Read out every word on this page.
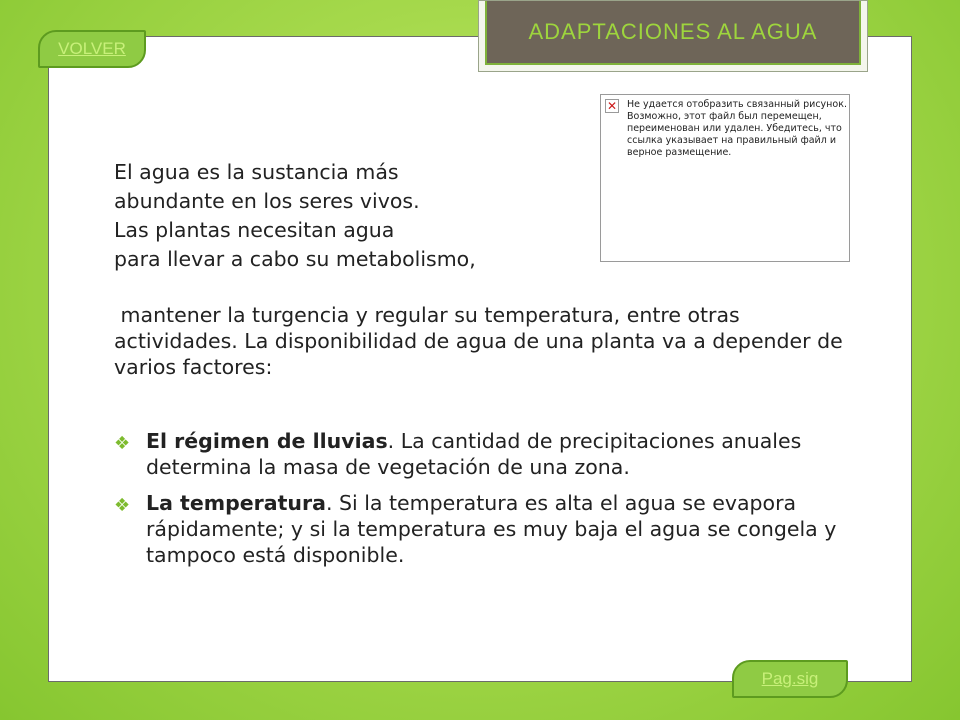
ADAPTACIONES AL AGUA
VOLVER
✕ Не удается отобразить связанный рисунок. Возможно, этот файл был перемещен, переименован или удален. Убедитесь, что ссылка указывает на правильный файл и верное размещение.
El agua es la sustancia más
abundante en los seres vivos.
Las plantas necesitan agua
para llevar a cabo su metabolismo,
mantener la turgencia y regular su temperatura, entre otras actividades. La disponibilidad de agua de una planta va a depender de varios factores:
❖ El régimen de lluvias. La cantidad de precipitaciones anuales determina la masa de vegetación de una zona.
❖ La temperatura. Si la temperatura es alta el agua se evapora rápidamente; y si la temperatura es muy baja el agua se congela y tampoco está disponible.
Pag.sig
